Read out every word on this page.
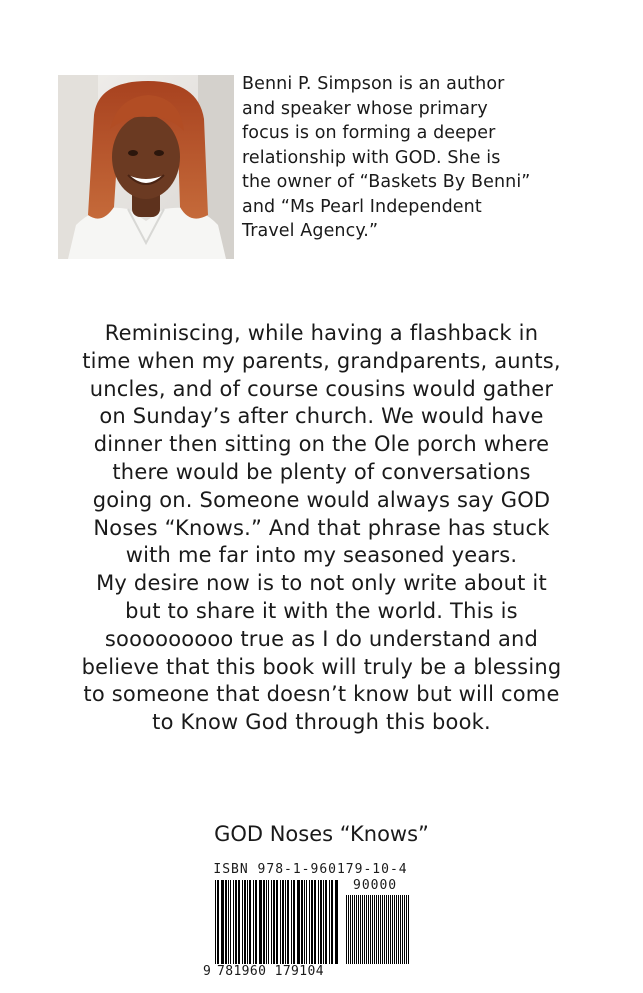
Benni P. Simpson is an author

and speaker whose primary

focus is on forming a deeper

relationship with GOD. She is

the owner of “Baskets By Benni”

and “Ms Pearl Independent

Travel Agency.”

Reminiscing, while having a flashback in

time when my parents, grandparents, aunts,

uncles, and of course cousins would gather

on Sunday’s after church. We would have

dinner then sitting on the Ole porch where

there would be plenty of conversations

going on. Someone would always say GOD

Noses “Knows.” And that phrase has stuck

with me far into my seasoned years.

My desire now is to not only write about it

but to share it with the world. This is

sooooooooo true as I do understand and

believe that this book will truly be a blessing

to someone that doesn’t know but will come

to Know God through this book.

GOD Noses “Knows”
ISBN 978-1-960179-10-4
90000
9 781960 179104
